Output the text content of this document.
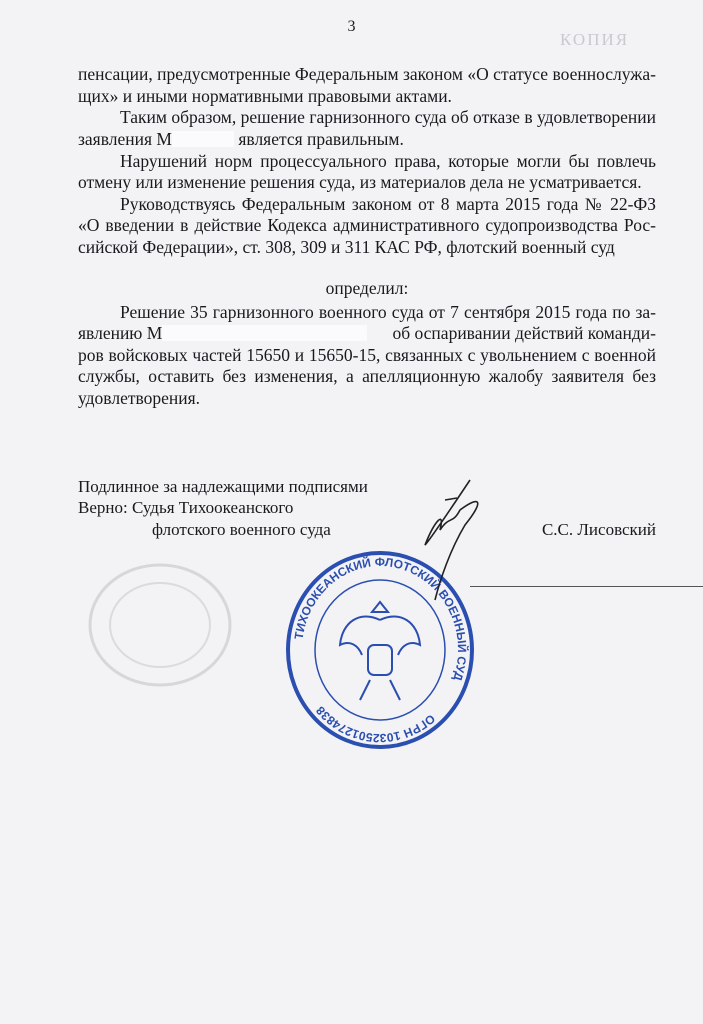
КОПИЯ
3
пенсации, предусмотренные Федеральным законом «О статусе военнослужа-
щих» и иными нормативными правовыми актами.
Таким образом, решение гарнизонного суда об отказе в удовлетворении
заявления М	является правильным.
Нарушений норм процессуального права, которые могли бы повлечь
отмену или изменение решения суда, из материалов дела не усматривается.
Руководствуясь Федеральным законом от 8 марта 2015 года № 22-ФЗ
«О введении в действие Кодекса административного судопроизводства Рос-
сийской Федерации», ст. 308, 309 и 311 КАС РФ, флотский военный суд
определил:
Решение 35 гарнизонного военного суда от 7 сентября 2015 года по за-
явлению М	об оспаривании действий команди-
ров войсковых частей 15650 и 15650-15, связанных с увольнением с военной
службы, оставить без изменения, а апелляционную жалобу заявителя без
удовлетворения.
Подлинное за надлежащими подписями
Верно: Судья Тихоокеанского
флотского военного суда	С.С. Лисовский
ТИХООКЕАНСКИЙ ФЛОТСКИЙ ВОЕННЫЙ СУД
ОГРН 1032501274838
